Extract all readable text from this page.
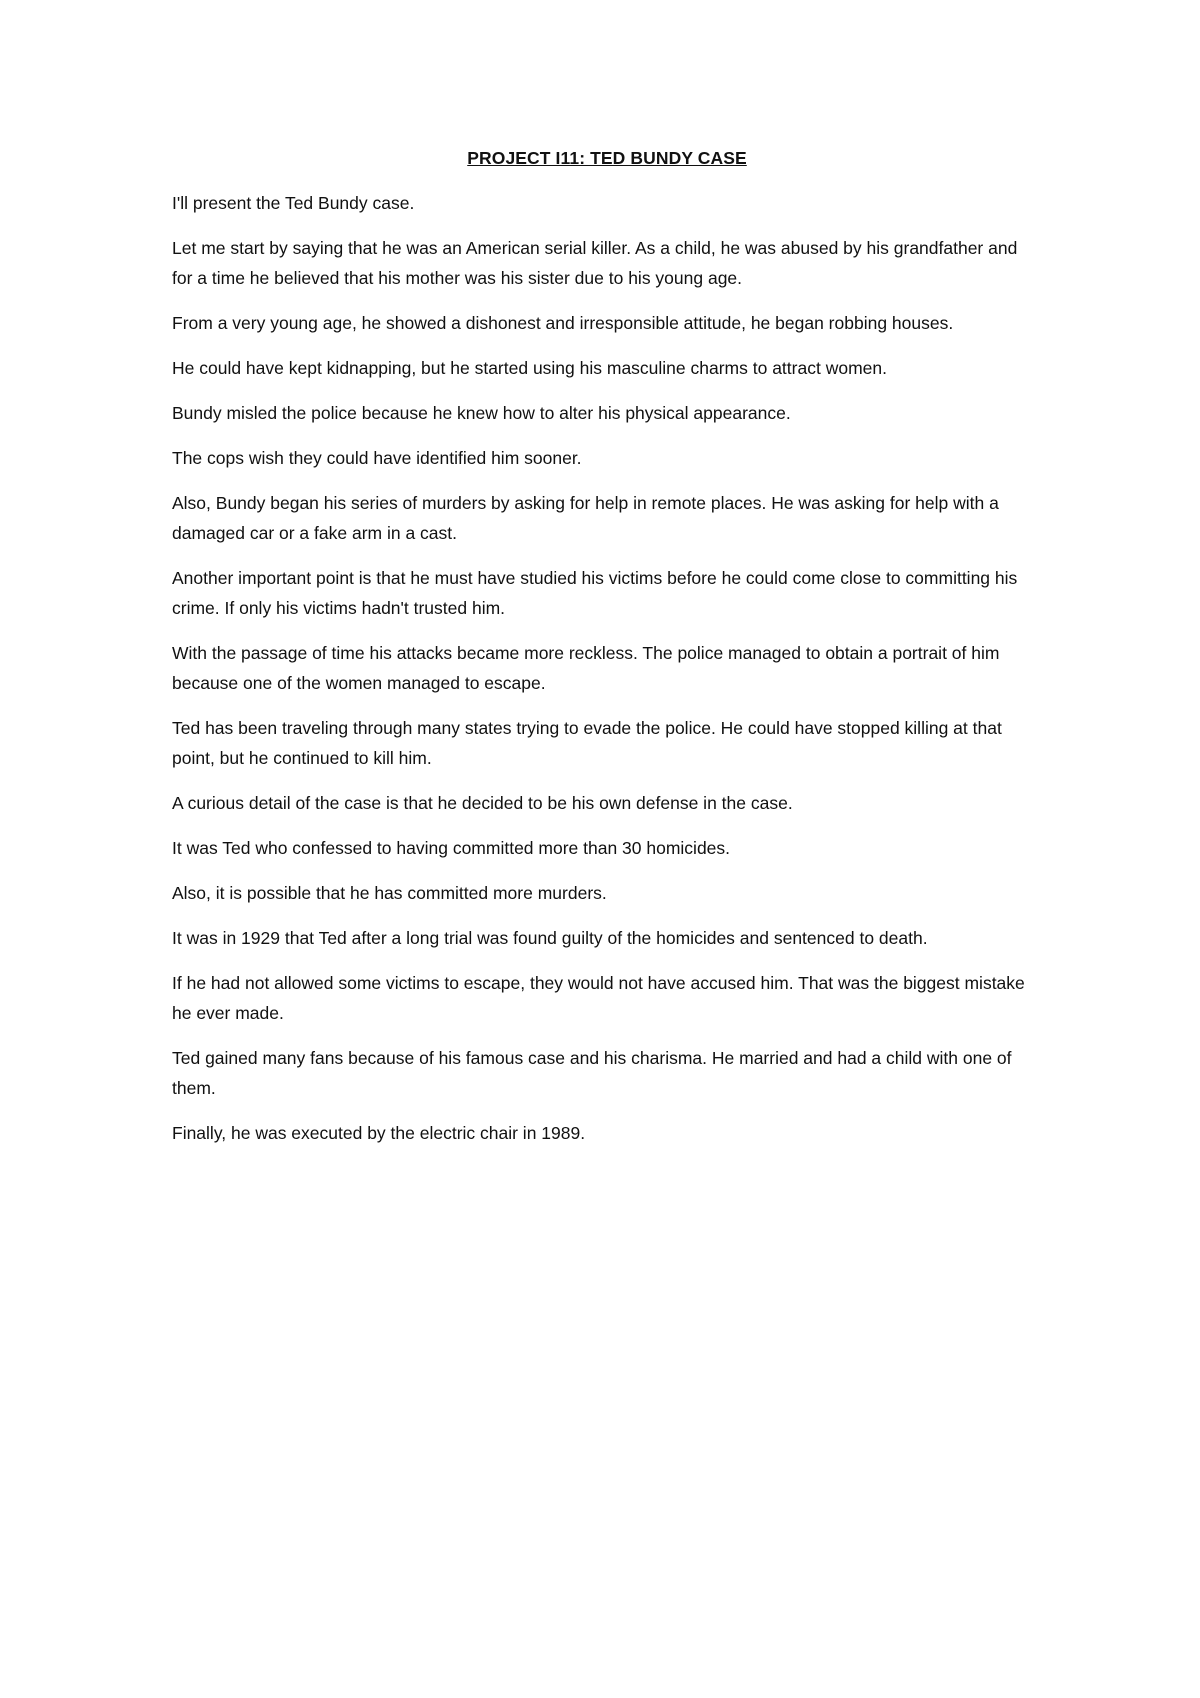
PROJECT I11: TED BUNDY CASE

I'll present the Ted Bundy case.

Let me start by saying that he was an American serial killer. As a child, he was abused by his grandfather and for a time he believed that his mother was his sister due to his young age.

From a very young age, he showed a dishonest and irresponsible attitude, he began robbing houses.

He could have kept kidnapping, but he started using his masculine charms to attract women.

Bundy misled the police because he knew how to alter his physical appearance.

The cops wish they could have identified him sooner.

Also, Bundy began his series of murders by asking for help in remote places. He was asking for help with a damaged car or a fake arm in a cast.

Another important point is that he must have studied his victims before he could come close to committing his crime. If only his victims hadn't trusted him.

With the passage of time his attacks became more reckless. The police managed to obtain a portrait of him because one of the women managed to escape.

Ted has been traveling through many states trying to evade the police. He could have stopped killing at that point, but he continued to kill him.

A curious detail of the case is that he decided to be his own defense in the case.

It was Ted who confessed to having committed more than 30 homicides.

Also, it is possible that he has committed more murders.

It was in 1929 that Ted after a long trial was found guilty of the homicides and sentenced to death.

If he had not allowed some victims to escape, they would not have accused him. That was the biggest mistake he ever made.

Ted gained many fans because of his famous case and his charisma. He married and had a child with one of them.

Finally, he was executed by the electric chair in 1989.
